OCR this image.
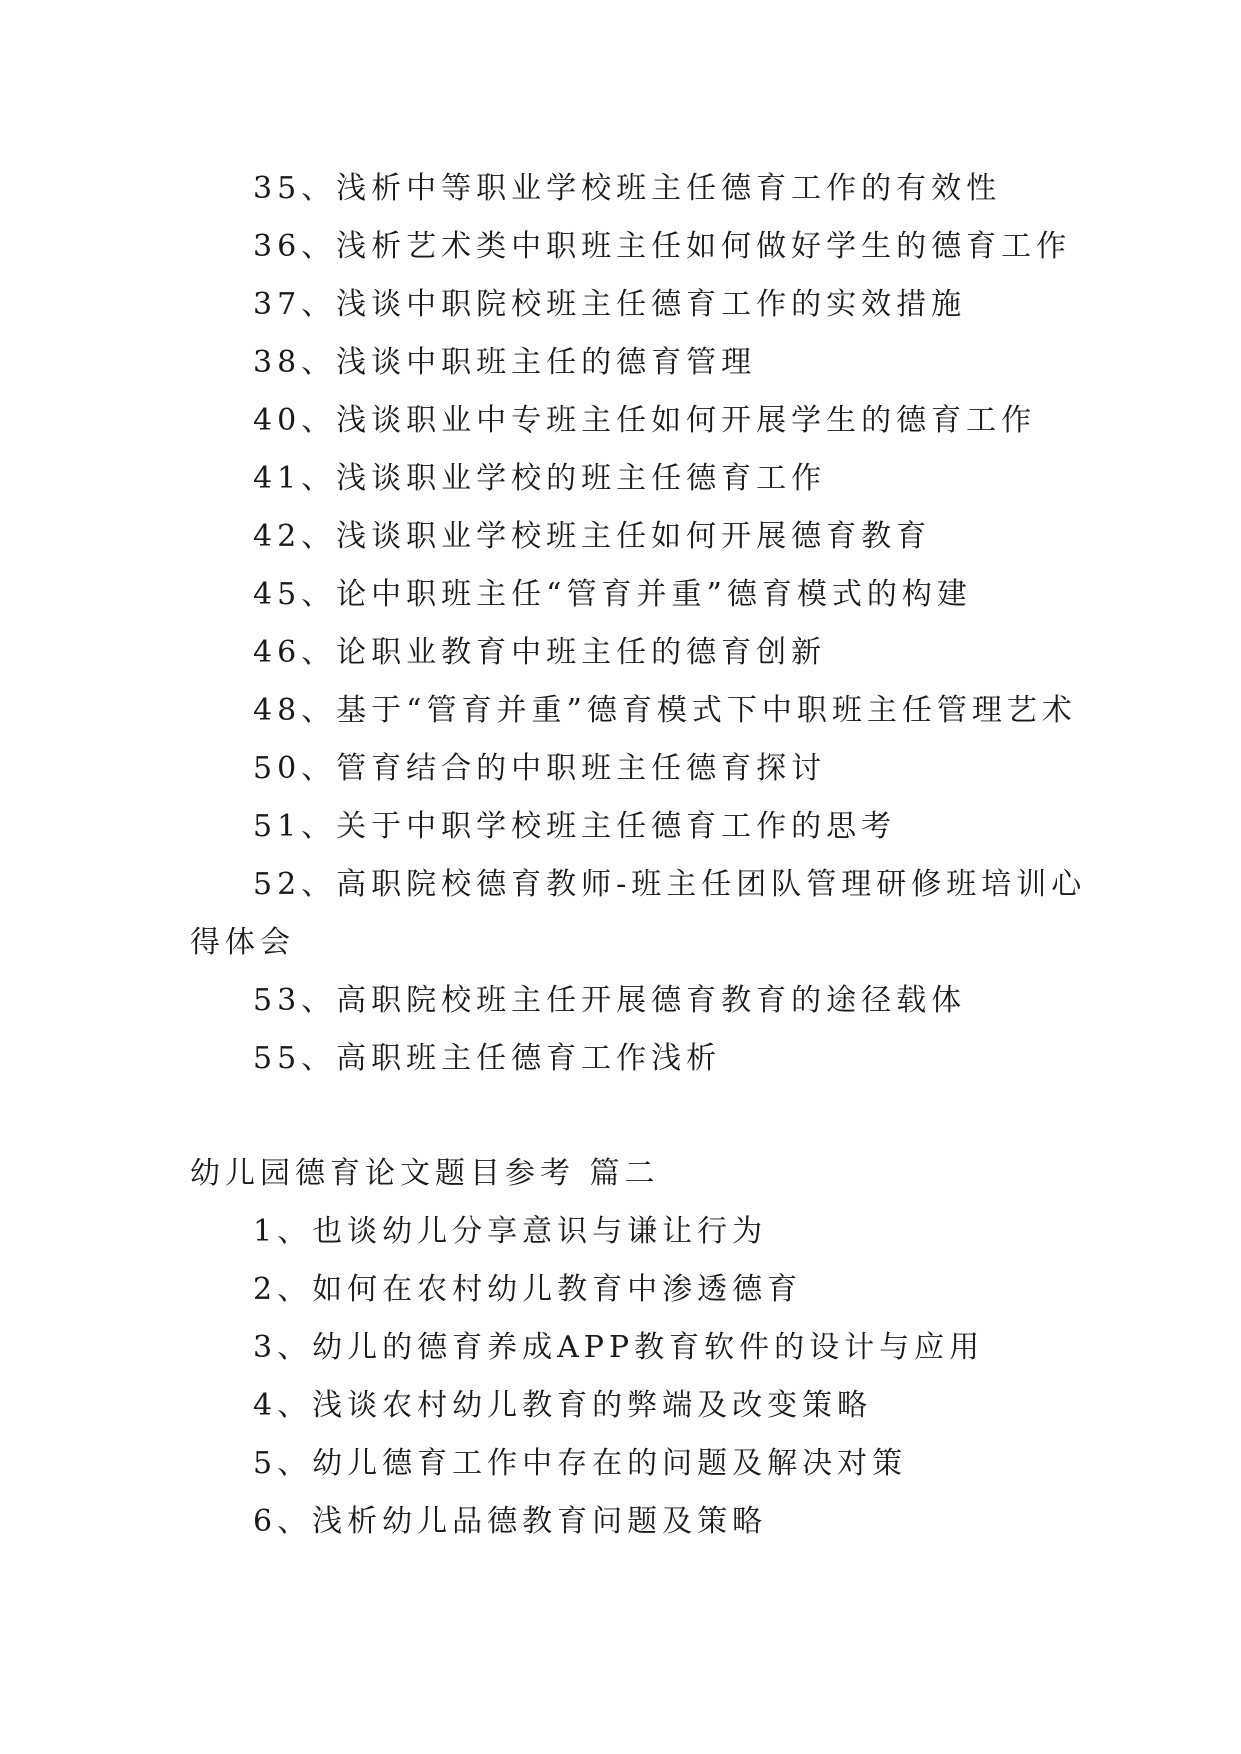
35、浅析中等职业学校班主任德育工作的有效性
36、浅析艺术类中职班主任如何做好学生的德育工作
37、浅谈中职院校班主任德育工作的实效措施
38、浅谈中职班主任的德育管理
40、浅谈职业中专班主任如何开展学生的德育工作
41、浅谈职业学校的班主任德育工作
42、浅谈职业学校班主任如何开展德育教育
45、论中职班主任“管育并重”德育模式的构建
46、论职业教育中班主任的德育创新
48、基于“管育并重”德育模式下中职班主任管理艺术
50、管育结合的中职班主任德育探讨
51、关于中职学校班主任德育工作的思考
52、高职院校德育教师-班主任团队管理研修班培训心
得体会
53、高职院校班主任开展德育教育的途径载体
55、高职班主任德育工作浅析
幼儿园德育论文题目参考 篇二
1、也谈幼儿分享意识与谦让行为
2、如何在农村幼儿教育中渗透德育
3、幼儿的德育养成APP教育软件的设计与应用
4、浅谈农村幼儿教育的弊端及改变策略
5、幼儿德育工作中存在的问题及解决对策
6、浅析幼儿品德教育问题及策略
